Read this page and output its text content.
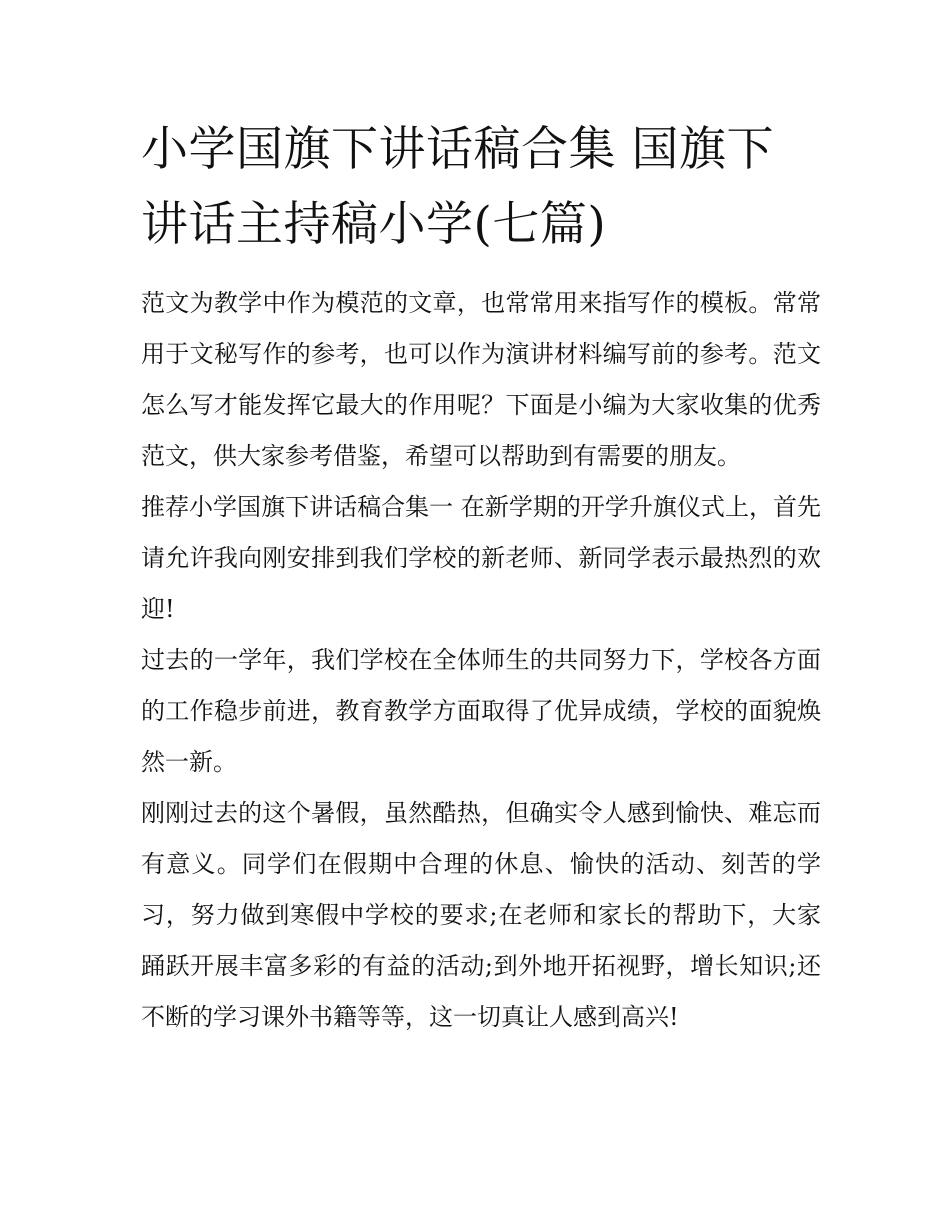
小学国旗下讲话稿合集 国旗下讲话主持稿小学(七篇)

范文为教学中作为模范的文章，也常常用来指写作的模板。常常用于文秘写作的参考，也可以作为演讲材料编写前的参考。范文怎么写才能发挥它最大的作用呢？下面是小编为大家收集的优秀范文，供大家参考借鉴，希望可以帮助到有需要的朋友。

推荐小学国旗下讲话稿合集一 在新学期的开学升旗仪式上，首先请允许我向刚安排到我们学校的新老师、新同学表示最热烈的欢迎!

过去的一学年，我们学校在全体师生的共同努力下，学校各方面的工作稳步前进，教育教学方面取得了优异成绩，学校的面貌焕然一新。

刚刚过去的这个暑假，虽然酷热，但确实令人感到愉快、难忘而有意义。同学们在假期中合理的休息、愉快的活动、刻苦的学习，努力做到寒假中学校的要求;在老师和家长的帮助下，大家踊跃开展丰富多彩的有益的活动;到外地开拓视野，增长知识;还不断的学习课外书籍等等，这一切真让人感到高兴!
